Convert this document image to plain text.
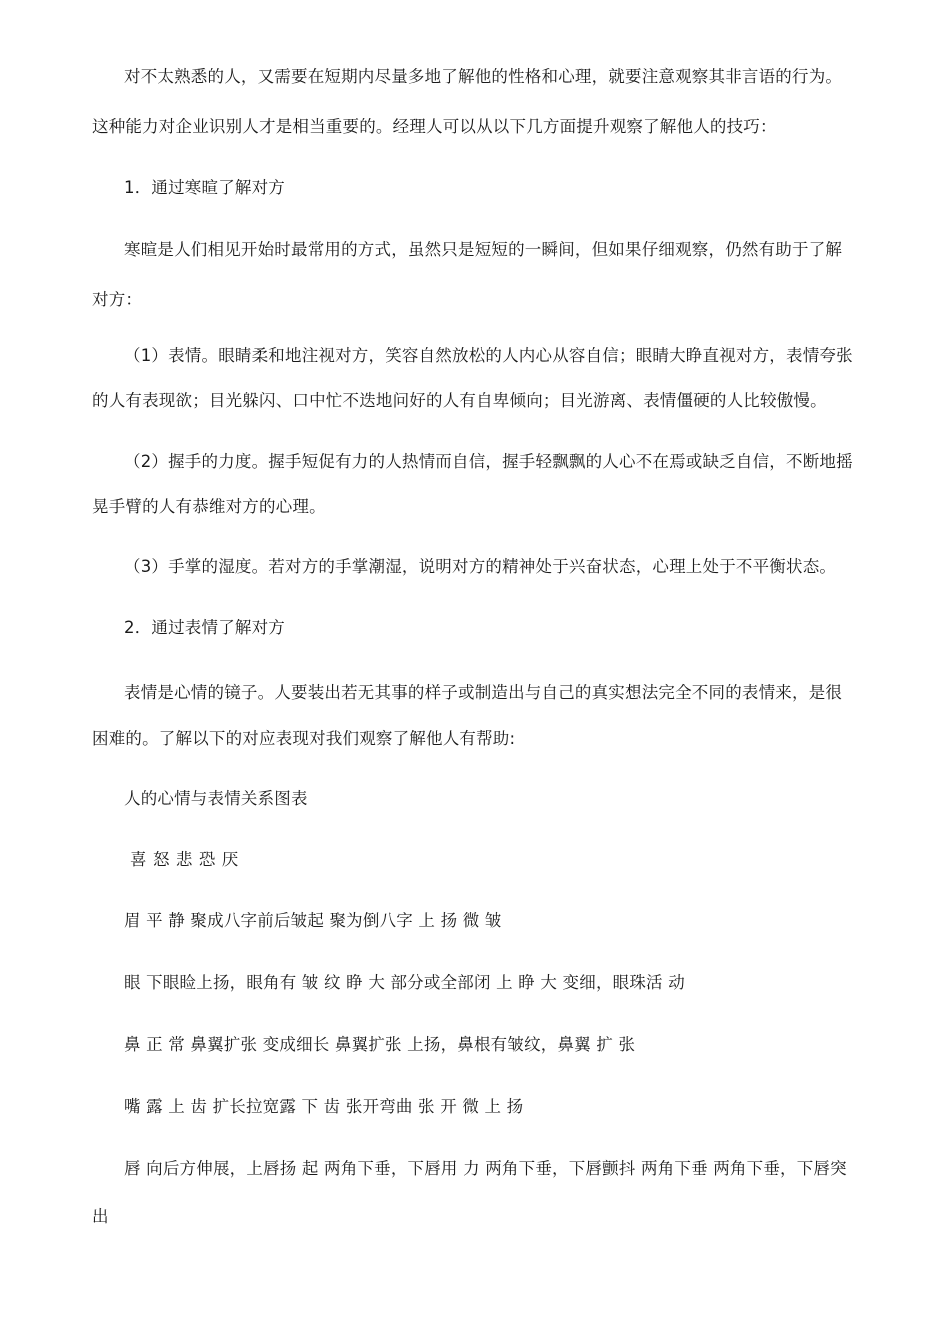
对不太熟悉的人，又需要在短期内尽量多地了解他的性格和心理，就要注意观察其非言语的行为。
这种能力对企业识别人才是相当重要的。经理人可以从以下几方面提升观察了解他人的技巧：
1．通过寒暄了解对方
寒暄是人们相见开始时最常用的方式，虽然只是短短的一瞬间，但如果仔细观察，仍然有助于了解
对方：
（1）表情。眼睛柔和地注视对方，笑容自然放松的人内心从容自信；眼睛大睁直视对方，表情夸张
的人有表现欲；目光躲闪、口中忙不迭地问好的人有自卑倾向；目光游离、表情僵硬的人比较傲慢。
（2）握手的力度。握手短促有力的人热情而自信，握手轻飘飘的人心不在焉或缺乏自信，不断地摇
晃手臂的人有恭维对方的心理。
（3）手掌的湿度。若对方的手掌潮湿，说明对方的精神处于兴奋状态，心理上处于不平衡状态。
2．通过表情了解对方
表情是心情的镜子。人要装出若无其事的样子或制造出与自己的真实想法完全不同的表情来，是很
困难的。了解以下的对应表现对我们观察了解他人有帮助:
人的心情与表情关系图表
喜 怒 悲 恐 厌
眉 平 静 聚成八字前后皱起 聚为倒八字 上 扬 微 皱
眼 下眼睑上扬，眼角有 皱 纹 睁 大 部分或全部闭 上 睁 大 变细，眼珠活 动
鼻 正 常 鼻翼扩张 变成细长 鼻翼扩张 上扬，鼻根有皱纹，鼻翼 扩 张
嘴 露 上 齿 扩长拉宽露 下 齿 张开弯曲 张 开 微 上 扬
唇 向后方伸展，上唇扬 起 两角下垂，下唇用 力 两角下垂，下唇颤抖 两角下垂 两角下垂，下唇突
出
